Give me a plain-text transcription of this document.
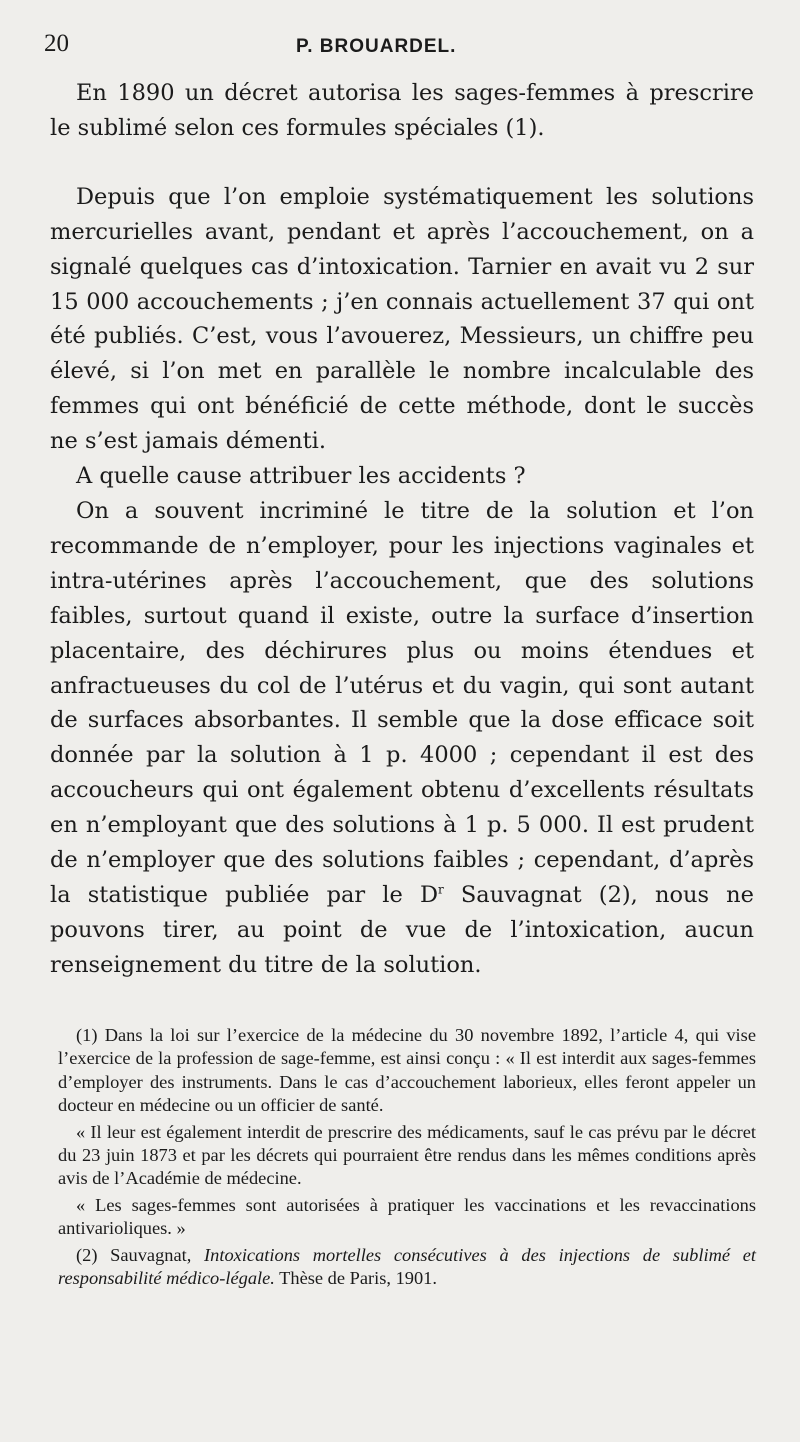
20	P. BROUARDEL.

En 1890 un décret autorisa les sages-femmes à prescrire le sublimé selon ces formules spéciales (1).

Depuis que l’on emploie systématiquement les solutions mercurielles avant, pendant et après l’accouchement, on a signalé quelques cas d’intoxication. Tarnier en avait vu 2 sur 15 000 accouchements ; j’en connais actuellement 37 qui ont été publiés. C’est, vous l’avouerez, Messieurs, un chiffre peu élevé, si l’on met en parallèle le nombre incalculable des femmes qui ont bénéficié de cette méthode, dont le succès ne s’est jamais démenti.

A quelle cause attribuer les accidents ?

On a souvent incriminé le titre de la solution et l’on recommande de n’employer, pour les injections vaginales et intra-utérines après l’accouchement, que des solutions faibles, surtout quand il existe, outre la surface d’insertion placentaire, des déchirures plus ou moins étendues et anfractueuses du col de l’utérus et du vagin, qui sont autant de surfaces absorbantes. Il semble que la dose efficace soit donnée par la solution à 1 p. 4000 ; cependant il est des accoucheurs qui ont également obtenu d’excellents résultats en n’employant que des solutions à 1 p. 5 000. Il est prudent de n’employer que des solutions faibles ; cependant, d’après la statistique publiée par le $D^r$ Sauvagnat (2), nous ne pouvons tirer, au point de vue de l’intoxication, aucun renseignement du titre de la solution.

(1) Dans la loi sur l’exercice de la médecine du 30 novembre 1892, l’article 4, qui vise l’exercice de la profession de sage-femme, est ainsi conçu : « Il est interdit aux sages-femmes d’employer des instruments. Dans le cas d’accouchement laborieux, elles feront appeler un docteur en médecine ou un officier de santé.

« Il leur est également interdit de prescrire des médicaments, sauf le cas prévu par le décret du 23 juin 1873 et par les décrets qui pourraient être rendus dans les mêmes conditions après avis de l’Académie de médecine.

« Les sages-femmes sont autorisées à pratiquer les vaccinations et les revaccinations antivarioliques. »

(2) Sauvagnat, Intoxications mortelles consécutives à des injections de sublimé et responsabilité médico-légale. Thèse de Paris, 1901.
